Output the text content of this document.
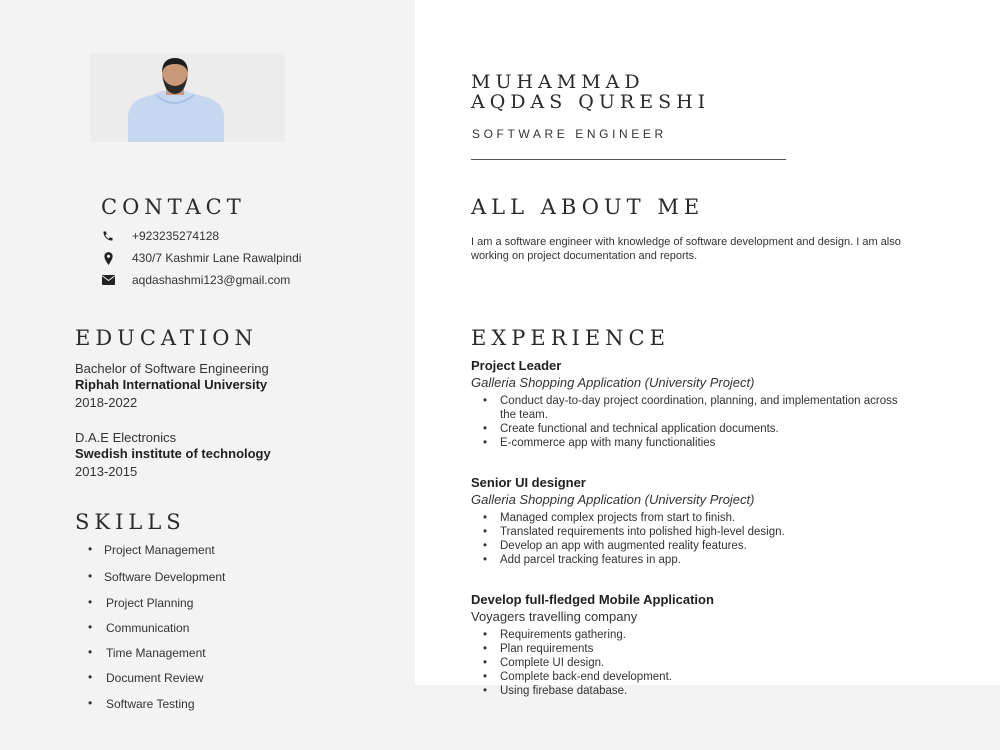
CONTACT
+923235274128
430/7 Kashmir Lane Rawalpindi
aqdashashmi123@gmail.com
EDUCATION
Bachelor of Software Engineering
Riphah International University
2018-2022
D.A.E Electronics
Swedish institute of technology
2013-2015
SKILLS
• Project Management
• Software Development
• Project Planning
• Communication
• Time Management
• Document Review
• Software Testing
MUHAMMAD
AQDAS QURESHI
SOFTWARE ENGINEER
ALL ABOUT ME
I am a software engineer with knowledge of software development and design. I am also working on project documentation and reports.
EXPERIENCE
Project Leader
Galleria Shopping Application (University Project)
• Conduct day-to-day project coordination, planning, and implementation across the team.
• Create functional and technical application documents.
• E-commerce app with many functionalities
Senior UI designer
Galleria Shopping Application (University Project)
• Managed complex projects from start to finish.
• Translated requirements into polished high-level design.
• Develop an app with augmented reality features.
• Add parcel tracking features in app.
Develop full-fledged Mobile Application
Voyagers travelling company
• Requirements gathering.
• Plan requirements
• Complete UI design.
• Complete back-end development.
• Using firebase database.
